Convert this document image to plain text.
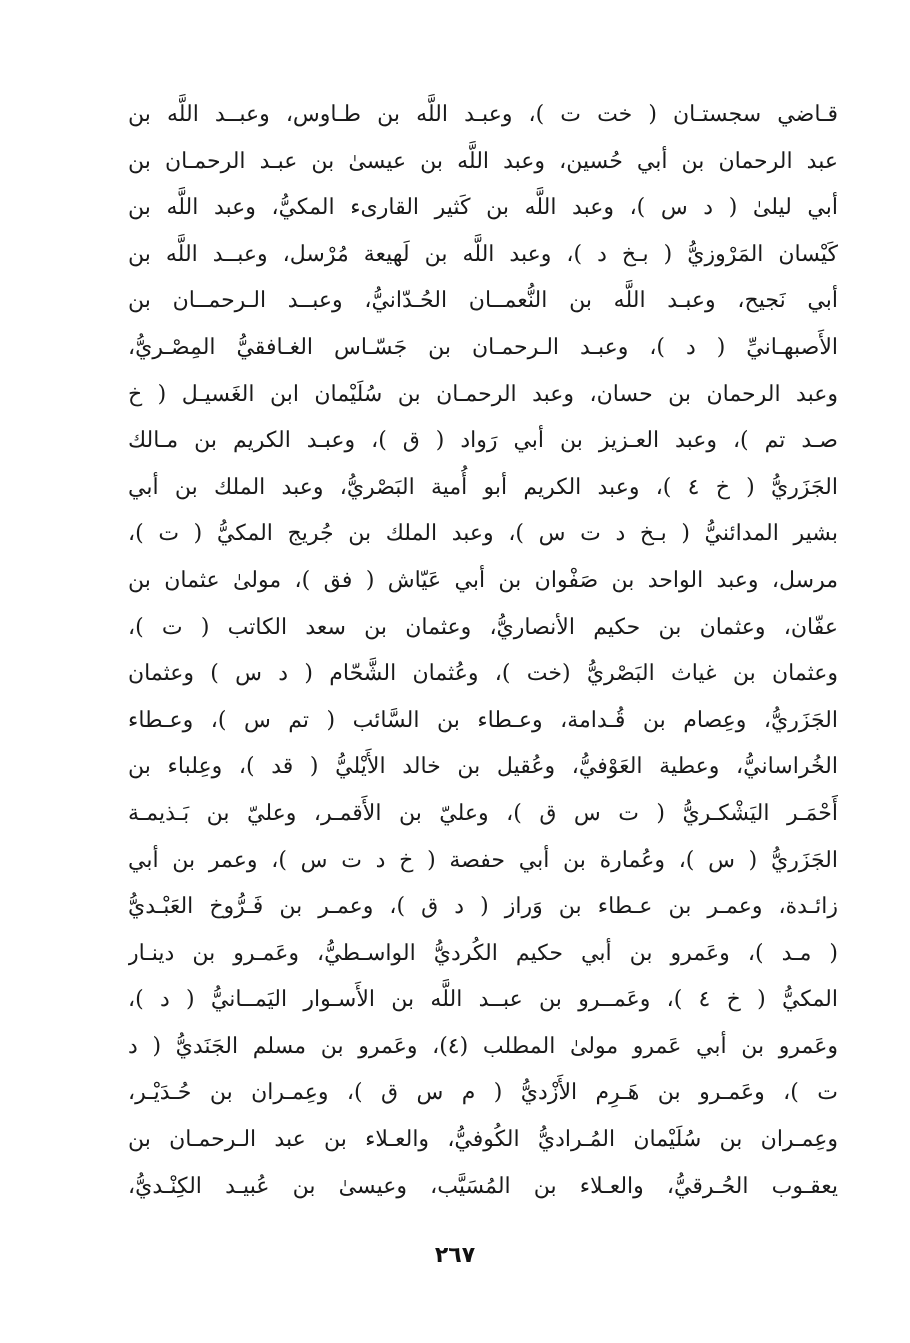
قـاضي سجستـان ( خت ت )، وعبـد اللَّه بن طـاوس، وعبــد اللَّه بن
عبد الرحمان بن أبي حُسين، وعبد اللَّه بن عيسىٰ بن عبـد الرحمـان بن
أبي ليلىٰ ( د س )، وعبد اللَّه بن كَثير القارىء المكيُّ، وعبد اللَّه بن
كَيْسان المَرْوزيُّ ( بـخ د )، وعبد اللَّه بن لَهيعة مُرْسل، وعبــد اللَّه بن
أبي نَجيح، وعبـد اللَّه بن النُّعمــان الحُـدّانيُّ، وعبــد الـرحمــان بن
الأَصبهـانيِّ ( د )، وعبـد الـرحمـان بن جَسّـاس الغـافقيُّ المِصْـريُّ،
وعبد الرحمان بن حسان، وعبد الرحمـان بن سُلَيْمان ابن الغَسيـل ( خ
صـد تم )، وعبد العـزيز بن أبي رَواد ( ق )، وعبـد الكريم بن مـالك
الجَزَريُّ ( خ ٤ )، وعبد الكريم أبو أُمية البَصْريُّ، وعبد الملك بن أبي
بشير المدائنيُّ ( بـخ د ت س )، وعبد الملك بن جُريج المكيُّ ( ت )،
مرسل، وعبد الواحد بن صَفْوان بن أبي عَيّاش ( فق )، مولىٰ عثمان بن
عفّان، وعثمان بن حكيم الأنصاريُّ، وعثمان بن سعد الكاتب ( ت )،
وعثمان بن غياث البَصْريُّ (خت )، وعُثمان الشَّحّام ( د س ) وعثمان
الجَزَريُّ، وعِصام بن قُـدامة، وعـطاء بن السَّائب ( تم س )، وعـطاء
الخُراسانيُّ، وعطية العَوْفيُّ، وعُقيل بن خالد الأَيْليُّ ( قد )، وعِلباء بن
أَحْمَـر اليَشْكـريُّ ( ت س ق )، وعليّ بن الأَقمـر، وعليّ بن بَـذيمـة
الجَزَريُّ ( س )، وعُمارة بن أبي حفصة ( خ د ت س )، وعمر بن أبي
زائـدة، وعمـر بن عـطاء بن وَراز ( د ق )، وعمـر بن فَـرُّوخ العَبْـديُّ
( مـد )، وعَمرو بن أبي حكيم الكُرديُّ الواسـطيُّ، وعَمـرو بن دينـار
المكيُّ ( خ ٤ )، وعَمــرو بن عبــد اللَّه بن الأَسـوار اليَمــانيُّ ( د )،
وعَمرو بن أبي عَمرو مولىٰ المطلب (٤)، وعَمرو بن مسلم الجَنَديُّ ( د
ت )، وعَمـرو بن هَـرِم الأَزْديُّ ( م س ق )، وعِمـران بن حُـدَيْـر،
وعِمـران بن سُلَيْمان المُـراديُّ الكُوفيُّ، والعـلاء بن عبد الـرحمـان بن
يعقـوب الحُـرقيُّ، والعـلاء بن المُسَيَّب، وعيسىٰ بن عُبيـد الكِنْـديُّ،
٢٦٧
